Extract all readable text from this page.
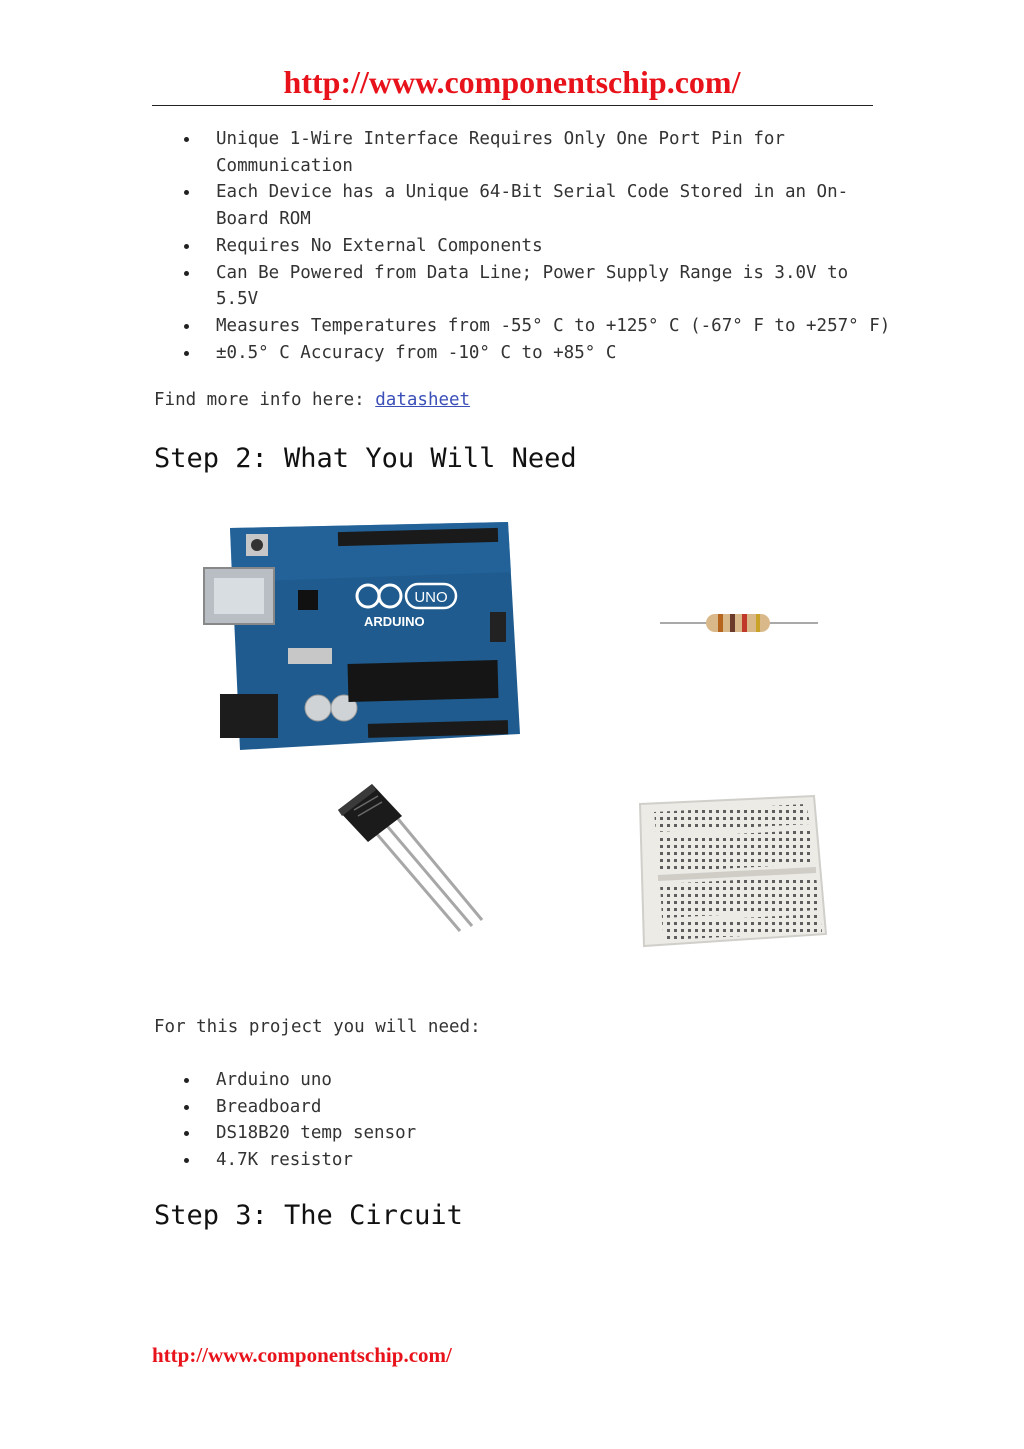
http://www.componentschip.com/
Unique 1-Wire Interface Requires Only One Port Pin for
Communication
Each Device has a Unique 64-Bit Serial Code Stored in an On-
Board ROM
Requires No External Components
Can Be Powered from Data Line; Power Supply Range is 3.0V to
5.5V
Measures Temperatures from -55° C to +125° C (-67° F to +257° F)
±0.5° C Accuracy from -10° C to +85° C
Find more info here: datasheet
Step 2: What You Will Need
UNO
ARDUINO
For this project you will need:
Arduino uno
Breadboard
DS18B20 temp sensor
4.7K resistor
Step 3: The Circuit
http://www.componentschip.com/
